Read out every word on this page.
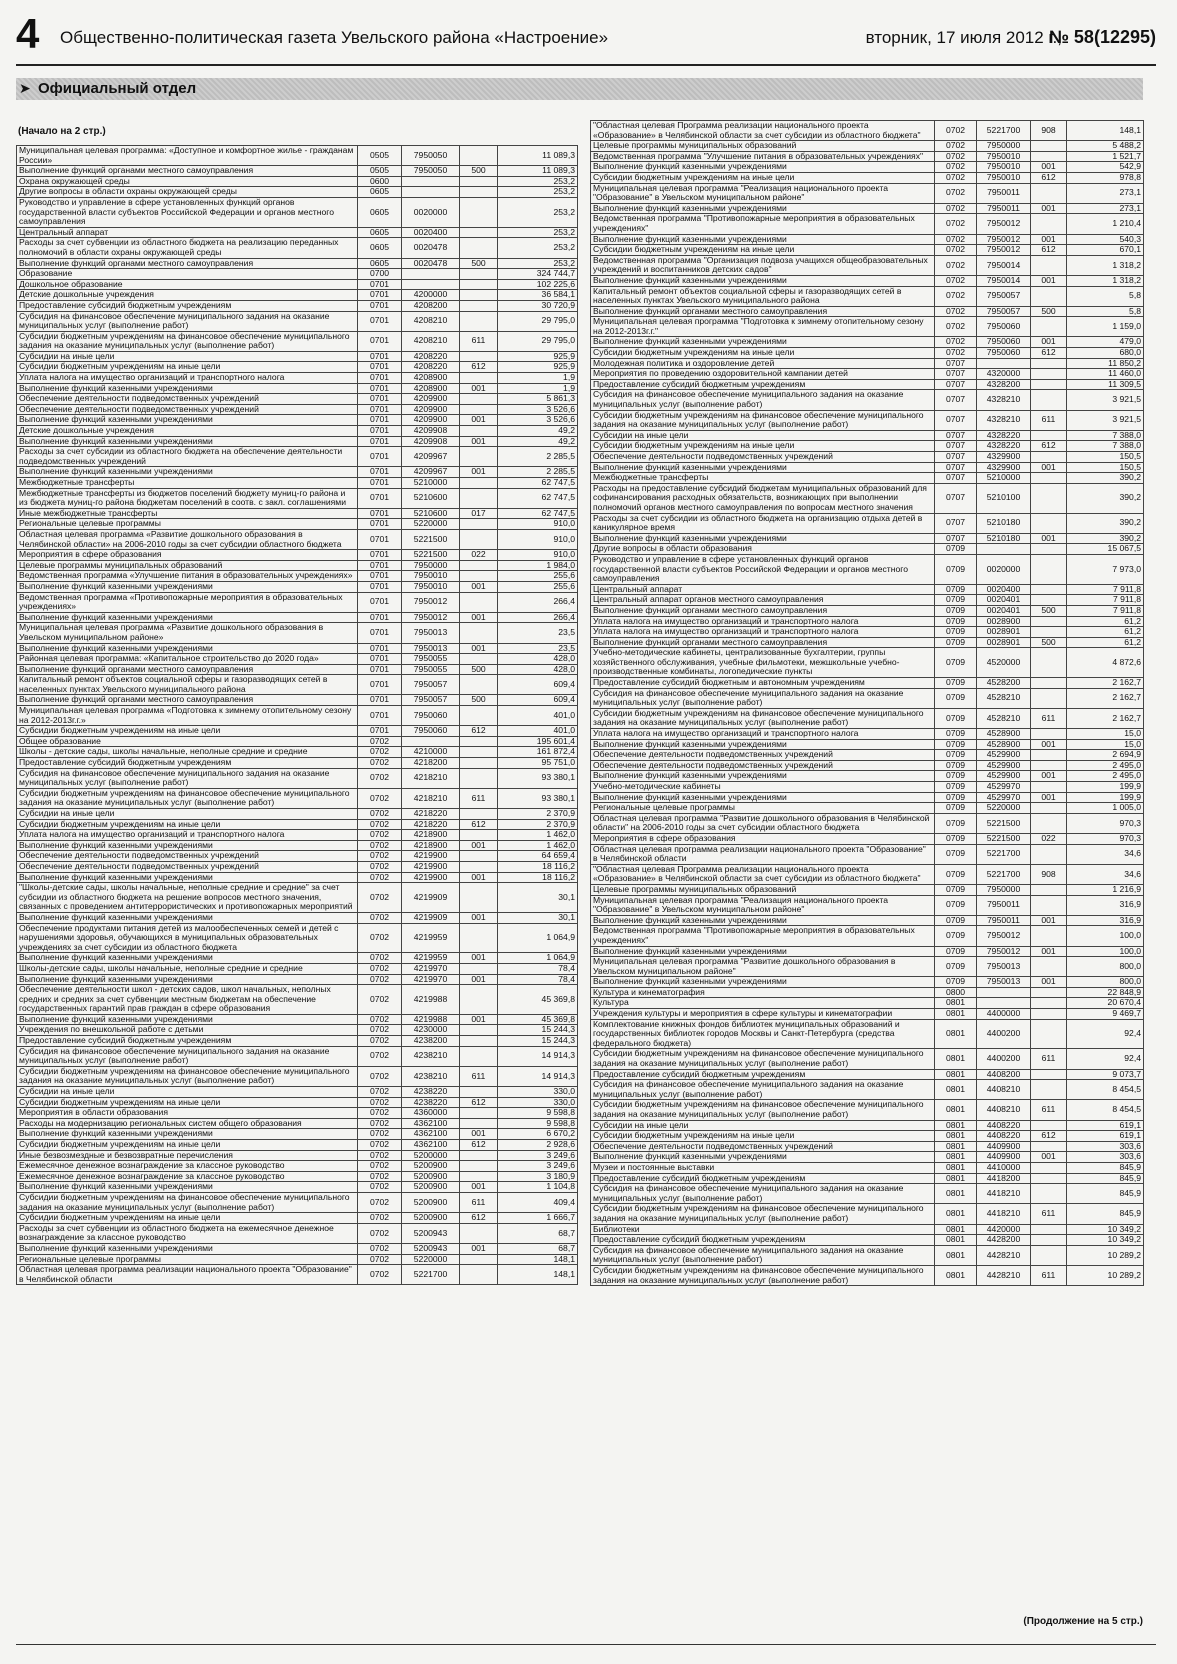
4 Общественно-политическая газета Увельского района «Настроение»	вторник, 17 июля 2012 г.,
№ 58(12295)
➤ Официальный отдел
(Начало на 2 стр.)
Муниципальная целевая программа: «Доступное и комфортное жилье - гражданам России»	0505	7950050		11 089,3
Выполнение функций органами местного самоуправления	0505	7950050	500	11 089,3
Охрана окружающей среды	0600			253,2
Другие вопросы в области охраны окружающей среды	0605			253,2
Руководство и управление в сфере установленных функций органов государственной власти субъектов Российской Федерации и органов местного самоуправления	0605	0020000		253,2
Центральный аппарат	0605	0020400		253,2
Расходы за счет субвенции из областного бюджета на реализацию переданных полномочий в области охраны окружающей среды	0605	0020478		253,2
Выполнение функций органами местного самоуправления	0605	0020478	500	253,2
Образование	0700			324 744,7
Дошкольное образование	0701			102 225,6
Детские дошкольные учреждения	0701	4200000		36 584,1
Предоставление субсидий бюджетным учреждениям	0701	4208200		30 720,9
Субсидия на финансовое обеспечение муниципального задания на оказание муниципальных услуг (выполнение работ)	0701	4208210		29 795,0
Субсидии бюджетным учреждениям на финансовое обеспечение муниципального задания на оказание муниципальных услуг (выполнение работ)	0701	4208210	611	29 795,0
Субсидии на иные цели	0701	4208220		925,9
Субсидии бюджетным учреждениям на иные цели	0701	4208220	612	925,9
Уплата налога на имущество организаций и транспортного налога	0701	4208900		1,9
Выполнение функций казенными учреждениями	0701	4208900	001	1,9
Обеспечение деятельности подведомственных учреждений	0701	4209900		5 861,3
Обеспечение деятельности подведомственных учреждений	0701	4209900		3 526,6
Выполнение функций казенными учреждениями	0701	4209900	001	3 526,6
Детские дошкольные учреждения	0701	4209908		49,2
Выполнение функций казенными учреждениями	0701	4209908	001	49,2
Расходы за счет субсидии из областного бюджета на обеспечение деятельности подведомственных учреждений	0701	4209967		2 285,5
Выполнение функций казенными учреждениями	0701	4209967	001	2 285,5
Межбюджетные трансферты	0701	5210000		62 747,5
Межбюджетные трансферты из бюджетов поселений бюджету муниц-го района и из бюджета муниц-го района бюджетам поселений в соотв. с закл. соглашениями	0701	5210600		62 747,5
Иные межбюджетные трансферты	0701	5210600	017	62 747,5
Региональные целевые программы	0701	5220000		910,0
Областная целевая программа «Развитие дошкольного образования в Челябинской области» на 2006-2010 годы за счет субсидии областного бюджета	0701	5221500		910,0
Мероприятия в сфере образования	0701	5221500	022	910,0
Целевые программы муниципальных образований	0701	7950000		1 984,0
Ведомственная программа «Улучшение питания в образовательных учреждениях»	0701	7950010		255,6
Выполнение функций казенными учреждениями	0701	7950010	001	255,6
Ведомственная программа «Противопожарные мероприятия в образовательных учреждениях»	0701	7950012		266,4
Выполнение функций казенными учреждениями	0701	7950012	001	266,4
Муниципальная целевая программа «Развитие дошкольного образования в Увельском муниципальном районе»	0701	7950013		23,5
Выполнение функций казенными учреждениями	0701	7950013	001	23,5
Районная целевая программа: «Капитальное строительство до 2020 года»	0701	7950055		428,0
Выполнение функций органами местного самоуправления	0701	7950055	500	428,0
Капитальный ремонт объектов социальной сферы и газоразводящих сетей в населенных пунктах Увельского муниципального района	0701	7950057		609,4
Выполнение функций органами местного самоуправления	0701	7950057	500	609,4
Муниципальная целевая программа «Подготовка к зимнему отопительному сезону на 2012-2013г.г.»	0701	7950060		401,0
Субсидии бюджетным учреждениям на иные цели	0701	7950060	612	401,0
Общее образование	0702			195 601,4
Школы - детские сады, школы начальные, неполные средние и средние	0702	4210000		161 872,4
Предоставление субсидий бюджетным учреждениям	0702	4218200		95 751,0
Субсидия на финансовое обеспечение муниципального задания на оказание муниципальных услуг (выполнение работ)	0702	4218210		93 380,1
Субсидии бюджетным учреждениям на финансовое обеспечение муниципального задания на оказание муниципальных услуг (выполнение работ)	0702	4218210	611	93 380,1
Субсидии на иные цели	0702	4218220		2 370,9
Субсидии бюджетным учреждениям на иные цели	0702	4218220	612	2 370,9
Уплата налога на имущество организаций и транспортного налога	0702	4218900		1 462,0
Выполнение функций казенными учреждениями	0702	4218900	001	1 462,0
Обеспечение деятельности подведомственных учреждений	0702	4219900		64 659,4
Обеспечение деятельности подведомственных учреждений	0702	4219900		18 116,2
Выполнение функций казенными учреждениями	0702	4219900	001	18 116,2
"Школы-детские сады, школы начальные, неполные средние и средние" за счет субсидии из областного бюджета на решение вопросов местного значения, связанных с проведением антитеррористических и противопожарных мероприятий	0702	4219909		30,1
Выполнение функций казенными учреждениями	0702	4219909	001	30,1
Обеспечение продуктами питания детей из малообеспеченных семей и детей с нарушениями здоровья, обучающихся в муниципальных образовательных учреждениях за счет субсидии из областного бюджета	0702	4219959		1 064,9
Выполнение функций казенными учреждениями	0702	4219959	001	1 064,9
Школы-детские сады, школы начальные, неполные средние и средние	0702	4219970		78,4
Выполнение функций казенными учреждениями	0702	4219970	001	78,4
Обеспечение деятельности школ - детских садов, школ начальных, неполных средних и средних за счет субвенции местным бюджетам на обеспечение государственных гарантий прав граждан в сфере образования	0702	4219988		45 369,8
Выполнение функций казенными учреждениями	0702	4219988	001	45 369,8
Учреждения по внешкольной работе с детьми	0702	4230000		15 244,3
Предоставление субсидий бюджетным учреждениям	0702	4238200		15 244,3
Субсидия на финансовое обеспечение муниципального задания на оказание муниципальных услуг (выполнение работ)	0702	4238210		14 914,3
Субсидии бюджетным учреждениям на финансовое обеспечение муниципального задания на оказание муниципальных услуг (выполнение работ)	0702	4238210	611	14 914,3
Субсидии на иные цели	0702	4238220		330,0
Субсидии бюджетным учреждениям на иные цели	0702	4238220	612	330,0
Мероприятия в области образования	0702	4360000		9 598,8
Расходы на модернизацию региональных систем общего образования	0702	4362100		9 598,8
Выполнение функций казенными учреждениями	0702	4362100	001	6 670,2
Субсидии бюджетным учреждениям на иные цели	0702	4362100	612	2 928,6
Иные безвозмездные и безвозвратные перечисления	0702	5200000		3 249,6
Ежемесячное денежное вознаграждение за классное руководство	0702	5200900		3 249,6
Ежемесячное денежное вознаграждение за классное руководство	0702	5200900		3 180,9
Выполнение функций казенными учреждениями	0702	5200900	001	1 104,8
Субсидии бюджетным учреждениям на финансовое обеспечение муниципального задания на оказание муниципальных услуг (выполнение работ)	0702	5200900	611	409,4
Субсидии бюджетным учреждениям на иные цели	0702	5200900	612	1 666,7
Расходы за счет субвенции из областного бюджета на ежемесячное денежное вознаграждение за классное руководство	0702	5200943		68,7
Выполнение функций казенными учреждениями	0702	5200943	001	68,7
Региональные целевые программы	0702	5220000		148,1
Областная целевая программа реализации национального проекта "Образование" в Челябинской области	0702	5221700		148,1
"Областная целевая Программа реализации национального проекта «Образование» в Челябинской области за счет субсидии из областного бюджета"	0702	5221700	908	148,1
Целевые программы муниципальных образований	0702	7950000		5 488,2
Ведомственная программа "Улучшение питания в образовательных учреждениях"	0702	7950010		1 521,7
Выполнение функций казенными учреждениями	0702	7950010	001	542,9
Субсидии бюджетным учреждениям на иные цели	0702	7950010	612	978,8
Муниципальная целевая программа "Реализация национального проекта "Образование" в Увельском муниципальном районе"	0702	7950011		273,1
Выполнение функций казенными учреждениями	0702	7950011	001	273,1
Ведомственная программа "Противопожарные мероприятия в образовательных учреждениях"	0702	7950012		1 210,4
Выполнение функций казенными учреждениями	0702	7950012	001	540,3
Субсидии бюджетным учреждениям на иные цели	0702	7950012	612	670,1
Ведомственная программа "Организация подвоза учащихся общеобразовательных учреждений и воспитанников детских садов"	0702	7950014		1 318,2
Выполнение функций казенными учреждениями	0702	7950014	001	1 318,2
Капитальный ремонт объектов социальной сферы и газоразводящих сетей в населенных пунктах Увельского муниципального района	0702	7950057		5,8
Выполнение функций органами местного самоуправления	0702	7950057	500	5,8
Муниципальная целевая программа "Подготовка к зимнему отопительному сезону на 2012-2013г.г."	0702	7950060		1 159,0
Выполнение функций казенными учреждениями	0702	7950060	001	479,0
Субсидии бюджетным учреждениям на иные цели	0702	7950060	612	680,0
Молодежная политика и оздоровление детей	0707			11 850,2
Мероприятия по проведению оздоровительной кампании детей	0707	4320000		11 460,0
Предоставление субсидий бюджетным учреждениям	0707	4328200		11 309,5
Субсидия на финансовое обеспечение муниципального задания на оказание муниципальных услуг (выполнение работ)	0707	4328210		3 921,5
Субсидии бюджетным учреждениям на финансовое обеспечение муниципального задания на оказание муниципальных услуг (выполнение работ)	0707	4328210	611	3 921,5
Субсидии на иные цели	0707	4328220		7 388,0
Субсидии бюджетным учреждениям на иные цели	0707	4328220	612	7 388,0
Обеспечение деятельности подведомственных учреждений	0707	4329900		150,5
Выполнение функций казенными учреждениями	0707	4329900	001	150,5
Межбюджетные трансферты	0707	5210000		390,2
Расходы на предоставление субсидий бюджетам муниципальных образований для софинансирования расходных обязательств, возникающих при выполнении полномочий органов местного самоуправления по вопросам местного значения	0707	5210100		390,2
Расходы за счет субсидии из областного бюджета на организацию отдыха детей в каникулярное время	0707	5210180		390,2
Выполнение функций казенными учреждениями	0707	5210180	001	390,2
Другие вопросы в области образования	0709			15 067,5
Руководство и управление в сфере установленных функций органов государственной власти субъектов Российской Федерации и органов местного самоуправления	0709	0020000		7 973,0
Центральный аппарат	0709	0020400		7 911,8
Центральный аппарат органов местного самоуправления	0709	0020401		7 911,8
Выполнение функций органами местного самоуправления	0709	0020401	500	7 911,8
Уплата налога на имущество организаций и транспортного налога	0709	0028900		61,2
Уплата налога на имущество организаций и транспортного налога	0709	0028901		61,2
Выполнение функций органами местного самоуправления	0709	0028901	500	61,2
Учебно-методические кабинеты, централизованные бухгалтерии, группы хозяйственного обслуживания, учебные фильмотеки, межшкольные учебно-производственные комбинаты, логопедические пункты	0709	4520000		4 872,6
Предоставление субсидий бюджетным и автономным учреждениям	0709	4528200		2 162,7
Субсидия на финансовое обеспечение муниципального задания на оказание муниципальных услуг (выполнение работ)	0709	4528210		2 162,7
Субсидии бюджетным учреждениям на финансовое обеспечение муниципального задания на оказание муниципальных услуг (выполнение работ)	0709	4528210	611	2 162,7
Уплата налога на имущество организаций и транспортного налога	0709	4528900		15,0
Выполнение функций казенными учреждениями	0709	4528900	001	15,0
Обеспечение деятельности подведомственных учреждений	0709	4529900		2 694,9
Обеспечение деятельности подведомственных учреждений	0709	4529900		2 495,0
Выполнение функций казенными учреждениями	0709	4529900	001	2 495,0
Учебно-методические кабинеты	0709	4529970		199,9
Выполнение функций казенными учреждениями	0709	4529970	001	199,9
Региональные целевые программы	0709	5220000		1 005,0
Областная целевая программа "Развитие дошкольного образования в Челябинской области" на 2006-2010 годы за счет субсидии областного бюджета	0709	5221500		970,3
Мероприятия в сфере образования	0709	5221500	022	970,3
Областная целевая программа реализации национального проекта "Образование" в Челябинской области	0709	5221700		34,6
"Областная целевая Программа реализации национального проекта «Образование» в Челябинской области за счет субсидии из областного бюджета"	0709	5221700	908	34,6
Целевые программы муниципальных образований	0709	7950000		1 216,9
Муниципальная целевая программа "Реализация национального проекта "Образование" в Увельском муниципальном районе"	0709	7950011		316,9
Выполнение функций казенными учреждениями	0709	7950011	001	316,9
Ведомственная программа "Противопожарные мероприятия в образовательных учреждениях"	0709	7950012		100,0
Выполнение функций казенными учреждениями	0709	7950012	001	100,0
Муниципальная целевая программа "Развитие дошкольного образования в Увельском муниципальном районе"	0709	7950013		800,0
Выполнение функций казенными учреждениями	0709	7950013	001	800,0
Культура и кинематография	0800			22 848,9
Культура	0801			20 670,4
Учреждения культуры и мероприятия в сфере культуры и кинематографии	0801	4400000		9 469,7
Комплектование книжных фондов библиотек муниципальных образований и государственных библиотек городов Москвы и Санкт-Петербурга (средства федерального бюджета)	0801	4400200		92,4
Субсидии бюджетным учреждениям на финансовое обеспечение муниципального задания на оказание муниципальных услуг (выполнение работ)	0801	4400200	611	92,4
Предоставление субсидий бюджетным учреждениям	0801	4408200		9 073,7
Субсидия на финансовое обеспечение муниципального задания на оказание муниципальных услуг (выполнение работ)	0801	4408210		8 454,5
Субсидии бюджетным учреждениям на финансовое обеспечение муниципального задания на оказание муниципальных услуг (выполнение работ)	0801	4408210	611	8 454,5
Субсидии на иные цели	0801	4408220		619,1
Субсидии бюджетным учреждениям на иные цели	0801	4408220	612	619,1
Обеспечение деятельности подведомственных учреждений	0801	4409900		303,6
Выполнение функций казенными учреждениями	0801	4409900	001	303,6
Музеи и постоянные выставки	0801	4410000		845,9
Предоставление субсидий бюджетным учреждениям	0801	4418200		845,9
Субсидия на финансовое обеспечение муниципального задания на оказание муниципальных услуг (выполнение работ)	0801	4418210		845,9
Субсидии бюджетным учреждениям на финансовое обеспечение муниципального задания на оказание муниципальных услуг (выполнение работ)	0801	4418210	611	845,9
Библиотеки	0801	4420000		10 349,2
Предоставление субсидий бюджетным учреждениям	0801	4428200		10 349,2
Субсидия на финансовое обеспечение муниципального задания на оказание муниципальных услуг (выполнение работ)	0801	4428210		10 289,2
Субсидии бюджетным учреждениям на финансовое обеспечение муниципального задания на оказание муниципальных услуг (выполнение работ)	0801	4428210	611	10 289,2
(Продолжение на 5 стр.)
